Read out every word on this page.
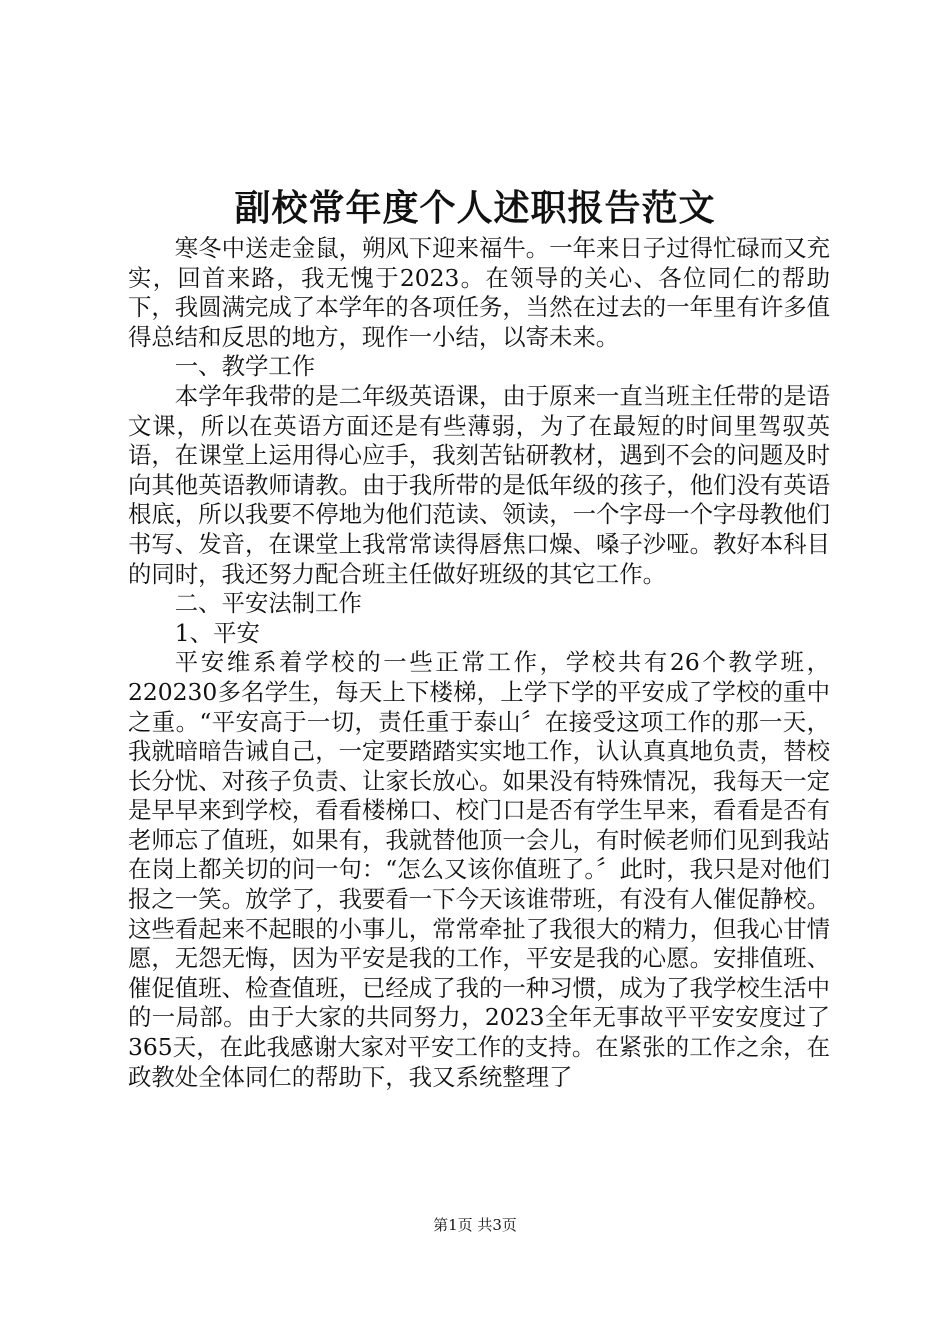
副校常年度个人述职报告范文

寒冬中送走金鼠，朔风下迎来福牛。一年来日子过得忙碌而又充实，回首来路，我无愧于2023。在领导的关心、各位同仁的帮助下，我圆满完成了本学年的各项任务，当然在过去的一年里有许多值得总结和反思的地方，现作一小结，以寄未来。

一、教学工作

本学年我带的是二年级英语课，由于原来一直当班主任带的是语文课，所以在英语方面还是有些薄弱，为了在最短的时间里驾驭英语，在课堂上运用得心应手，我刻苦钻研教材，遇到不会的问题及时向其他英语教师请教。由于我所带的是低年级的孩子，他们没有英语根底，所以我要不停地为他们范读、领读，一个字母一个字母教他们书写、发音，在课堂上我常常读得唇焦口燥、嗓子沙哑。教好本科目的同时，我还努力配合班主任做好班级的其它工作。

二、平安法制工作

1、平安

平安维系着学校的一些正常工作，学校共有26个教学班，220230多名学生，每天上下楼梯，上学下学的平安成了学校的重中之重。“平安高于一切，责任重于泰山〞在接受这项工作的那一天，我就暗暗告诫自己，一定要踏踏实实地工作，认认真真地负责，替校长分忧、对孩子负责、让家长放心。如果没有特殊情况，我每天一定是早早来到学校，看看楼梯口、校门口是否有学生早来，看看是否有老师忘了值班，如果有，我就替他顶一会儿，有时候老师们见到我站在岗上都关切的问一句：“怎么又该你值班了。〞此时，我只是对他们报之一笑。放学了，我要看一下今天该谁带班，有没有人催促静校。这些看起来不起眼的小事儿，常常牵扯了我很大的精力，但我心甘情愿，无怨无悔，因为平安是我的工作，平安是我的心愿。安排值班、催促值班、检查值班，已经成了我的一种习惯，成为了我学校生活中的一局部。由于大家的共同努力，2023全年无事故平平安安度过了365天，在此我感谢大家对平安工作的支持。在紧张的工作之余，在政教处全体同仁的帮助下，我又系统整理了

第1页 共3页
